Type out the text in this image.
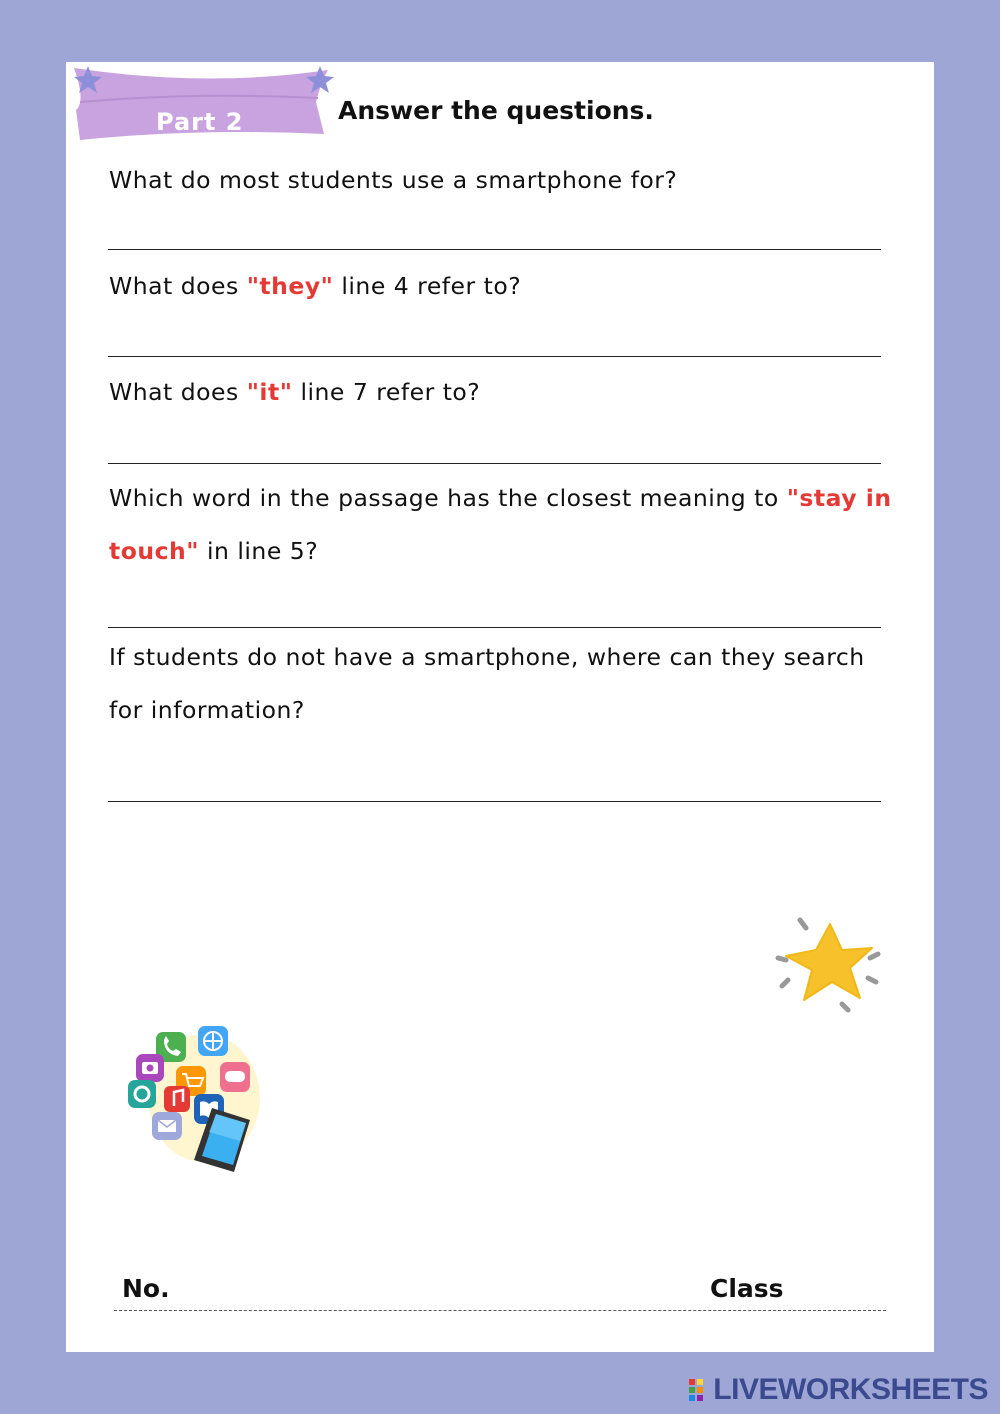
Part 2	Answer the questions.
What do most students use a smartphone for?
What does "they" line 4 refer to?
What does "it" line 7 refer to?
Which word in the passage has the closest meaning to "stay in touch" in line 5?
If students do not have a smartphone, where can they search for information?
No.	Class
LIVEWORKSHEETS
